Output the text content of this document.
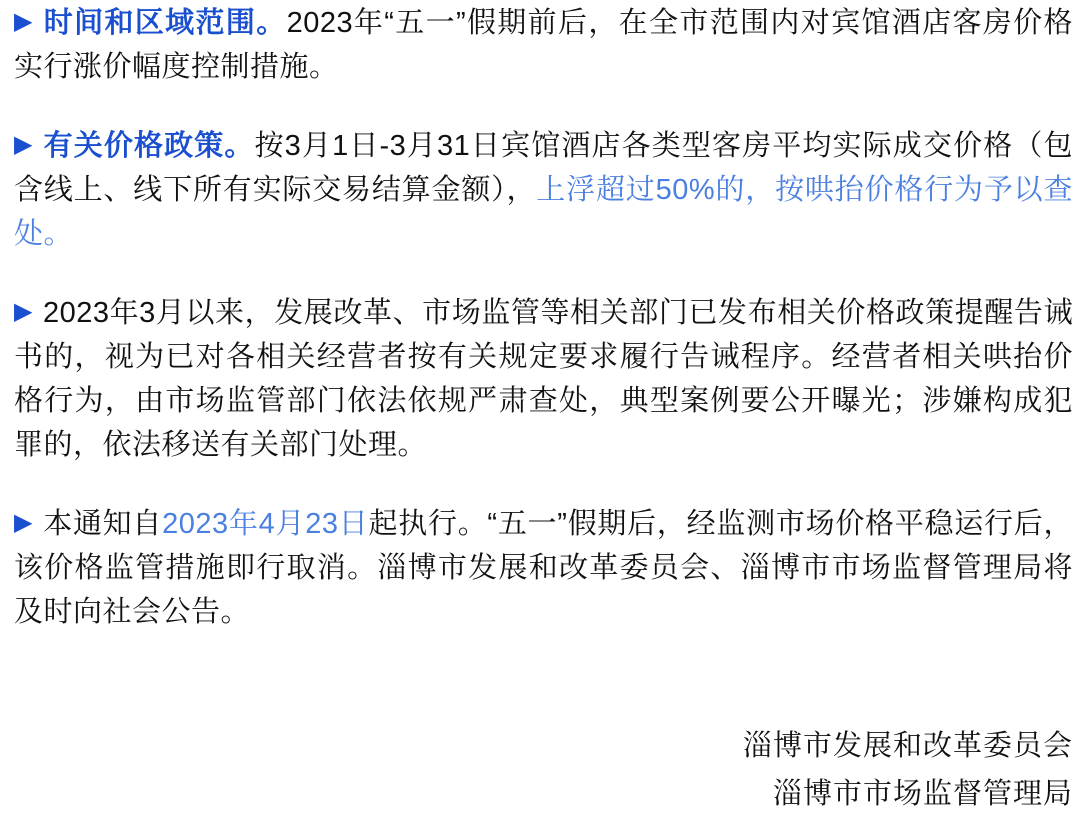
▶ 时间和区域范围。2023年“五一”假期前后，在全市范围内对宾馆酒店客房价格实行涨价幅度控制措施。
▶ 有关价格政策。按3月1日-3月31日宾馆酒店各类型客房平均实际成交价格（包含线上、线下所有实际交易结算金额），上浮超过50%的，按哄抬价格行为予以查处。
▶ 2023年3月以来，发展改革、市场监管等相关部门已发布相关价格政策提醒告诫书的，视为已对各相关经营者按有关规定要求履行告诫程序。经营者相关哄抬价格行为，由市场监管部门依法依规严肃查处，典型案例要公开曝光；涉嫌构成犯罪的，依法移送有关部门处理。
▶ 本通知自2023年4月23日起执行。“五一”假期后，经监测市场价格平稳运行后，该价格监管措施即行取消。淄博市发展和改革委员会、淄博市市场监督管理局将及时向社会公告。
淄博市发展和改革委员会
淄博市市场监督管理局
